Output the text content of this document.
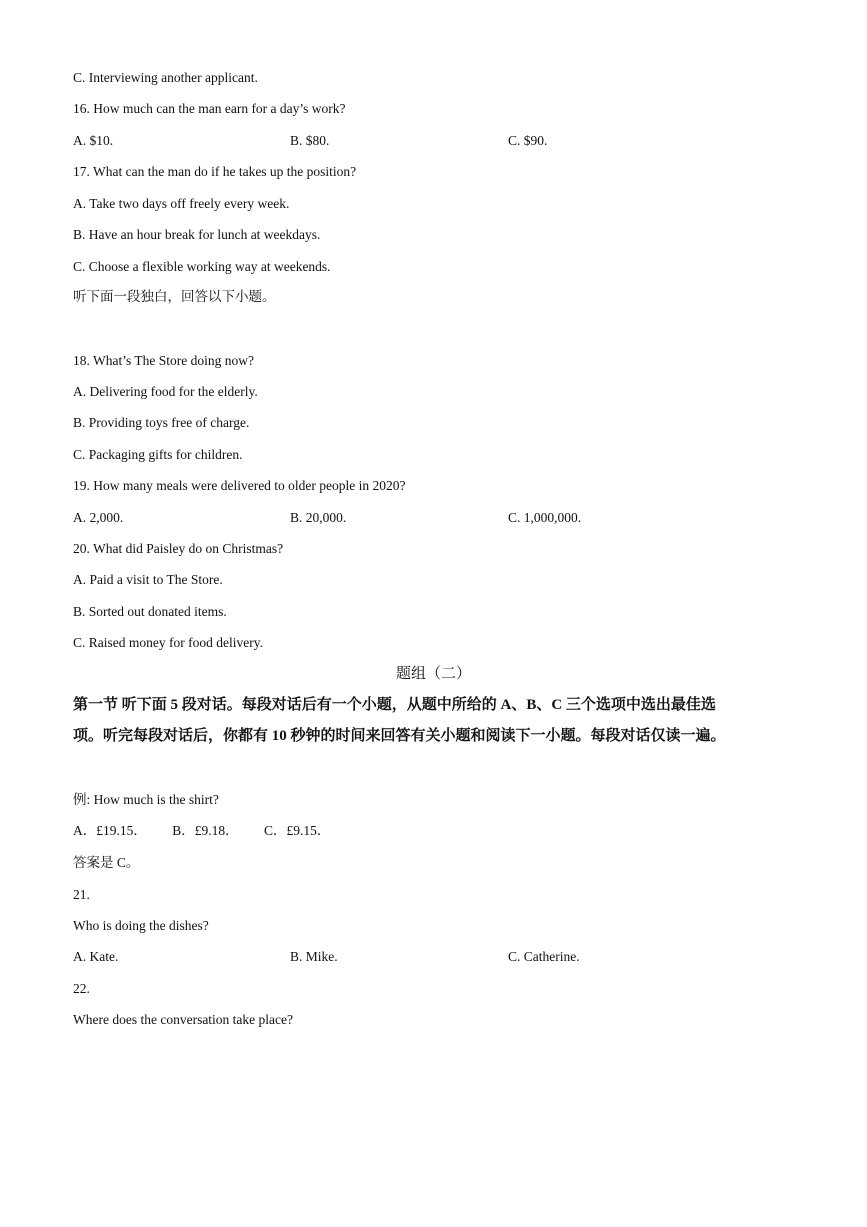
C. Interviewing another applicant.
16. How much can the man earn for a day’s work?
A. $10.	B. $80.	C. $90.
17. What can the man do if he takes up the position?
A. Take two days off freely every week.
B. Have an hour break for lunch at weekdays.
C. Choose a flexible working way at weekends.
听下面一段独白，回答以下小题。
18. What’s The Store doing now?
A. Delivering food for the elderly.
B. Providing toys free of charge.
C. Packaging gifts for children.
19. How many meals were delivered to older people in 2020?
A. 2,000.	B. 20,000.	C. 1,000,000.
20. What did Paisley do on Christmas?
A. Paid a visit to The Store.
B. Sorted out donated items.
C. Raised money for food delivery.
题组（二）
第一节 听下面 5 段对话。每段对话后有一个小题，从题中所给的 A、B、C 三个选项中选出最佳选项。听完每段对话后，你都有 10 秒钟的时间来回答有关小题和阅读下一小题。每段对话仅读一遍。
例: How much is the shirt?
A．£19.15． B．£9.18． C．£9.15．
答案是 C。
21.
Who is doing the dishes?
A. Kate.	B. Mike.	C. Catherine.
22.
Where does the conversation take place?
